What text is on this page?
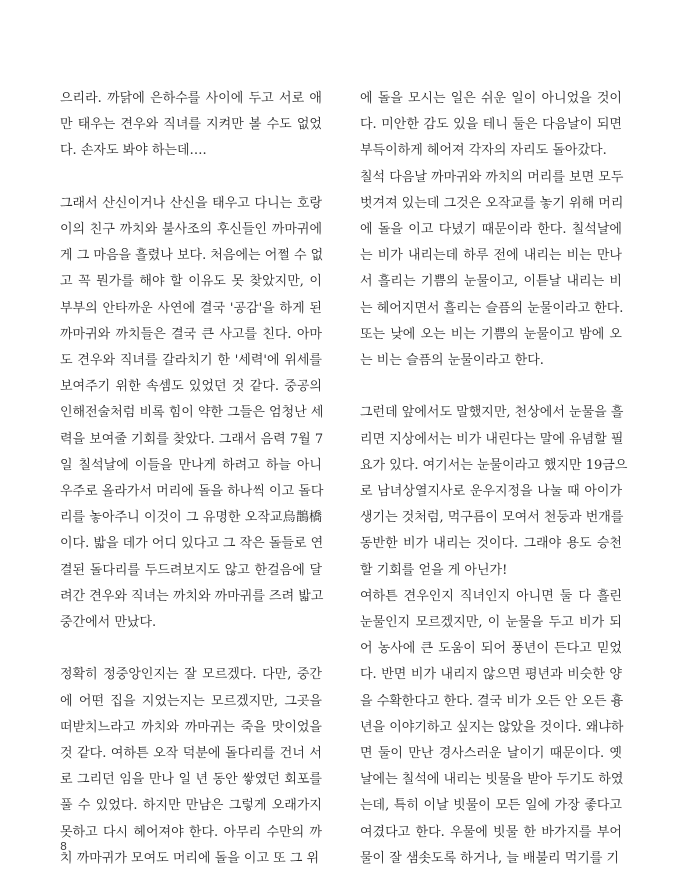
으리라. 까닭에 은하수를 사이에 두고 서로 애
만 태우는 견우와 직녀를 지켜만 볼 수도 없었
다. 손자도 봐야 하는데….
그래서 산신이거나 산신을 태우고 다니는 호랑
이의 친구 까치와 불사조의 후신들인 까마귀에
게 그 마음을 흘렸나 보다. 처음에는 어쩔 수 없
고 꼭 뭔가를 해야 할 이유도 못 찾았지만, 이
부부의 안타까운 사연에 결국 '공감'을 하게 된
까마귀와 까치들은 결국 큰 사고를 친다. 아마
도 견우와 직녀를 갈라치기 한 '세력'에 위세를
보여주기 위한 속셈도 있었던 것 같다. 중공의
인해전술처럼 비록 힘이 약한 그들은 엄청난 세
력을 보여줄 기회를 찾았다. 그래서 음력 7월 7
일 칠석날에 이들을 만나게 하려고 하늘 아니
우주로 올라가서 머리에 돌을 하나씩 이고 돌다
리를 놓아주니 이것이 그 유명한 오작교烏鵲橋
이다. 밟을 데가 어디 있다고 그 작은 돌들로 연
결된 돌다리를 두드려보지도 않고 한걸음에 달
려간 견우와 직녀는 까치와 까마귀를 즈려 밟고
중간에서 만났다.
정확히 정중앙인지는 잘 모르겠다. 다만, 중간
에 어떤 집을 지었는지는 모르겠지만, 그곳을
떠받치느라고 까치와 까마귀는 죽을 맛이었을
것 같다. 여하튼 오작 덕분에 돌다리를 건너 서
로 그리던 임을 만나 일 년 동안 쌓였던 회포를
풀 수 있었다. 하지만 만남은 그렇게 오래가지
못하고 다시 헤어져야 한다. 아무리 수만의 까
치 까마귀가 모여도 머리에 돌을 이고 또 그 위
에 돌을 모시는 일은 쉬운 일이 아니었을 것이
다. 미안한 감도 있을 테니 둘은 다음날이 되면
부득이하게 헤어져 각자의 자리도 돌아갔다.
칠석 다음날 까마귀와 까치의 머리를 보면 모두
벗겨져 있는데 그것은 오작교를 놓기 위해 머리
에 돌을 이고 다녔기 때문이라 한다. 칠석날에
는 비가 내리는데 하루 전에 내리는 비는 만나
서 흘리는 기쁨의 눈물이고, 이튿날 내리는 비
는 헤어지면서 흘리는 슬픔의 눈물이라고 한다.
또는 낮에 오는 비는 기쁨의 눈물이고 밤에 오
는 비는 슬픔의 눈물이라고 한다.
그런데 앞에서도 말했지만, 천상에서 눈물을 흘
리면 지상에서는 비가 내린다는 말에 유념할 필
요가 있다. 여기서는 눈물이라고 했지만 19금으
로 남녀상열지사로 운우지정을 나눌 때 아이가
생기는 것처럼, 먹구름이 모여서 천둥과 번개를
동반한 비가 내리는 것이다. 그래야 용도 승천
할 기회를 얻을 게 아닌가!
여하튼 견우인지 직녀인지 아니면 둘 다 흘린
눈물인지 모르겠지만, 이 눈물을 두고 비가 되
어 농사에 큰 도움이 되어 풍년이 든다고 믿었
다. 반면 비가 내리지 않으면 평년과 비슷한 양
을 수확한다고 한다. 결국 비가 오든 안 오든 흉
년을 이야기하고 싶지는 않았을 것이다. 왜냐하
면 둘이 만난 경사스러운 날이기 때문이다. 옛
날에는 칠석에 내리는 빗물을 받아 두기도 하였
는데, 특히 이날 빗물이 모든 일에 가장 좋다고
여겼다고 한다. 우물에 빗물 한 바가지를 부어
물이 잘 샘솟도록 하거나, 늘 배불리 먹기를 기
8
